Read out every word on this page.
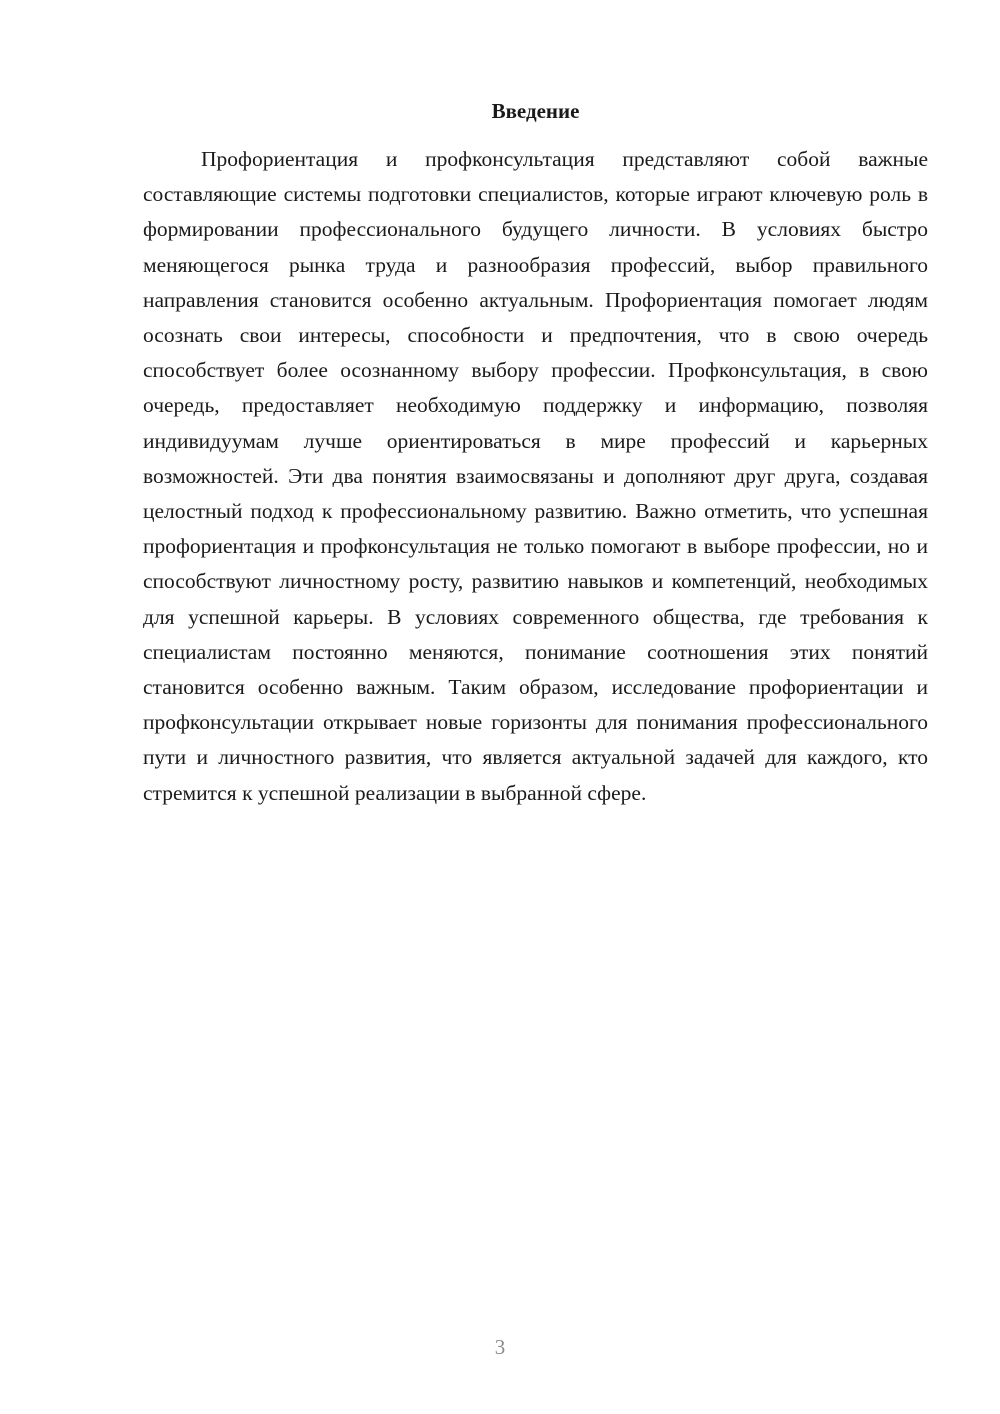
Введение

Профориентация и профконсультация представляют собой важные составляющие системы подготовки специалистов, которые играют ключевую роль в формировании профессионального будущего личности. В условиях быстро меняющегося рынка труда и разнообразия профессий, выбор правильного направления становится особенно актуальным. Профориентация помогает людям осознать свои интересы, способности и предпочтения, что в свою очередь способствует более осознанному выбору профессии. Профконсультация, в свою очередь, предоставляет необходимую поддержку и информацию, позволяя индивидуумам лучше ориентироваться в мире профессий и карьерных возможностей. Эти два понятия взаимосвязаны и дополняют друг друга, создавая целостный подход к профессиональному развитию. Важно отметить, что успешная профориентация и профконсультация не только помогают в выборе профессии, но и способствуют личностному росту, развитию навыков и компетенций, необходимых для успешной карьеры. В условиях современного общества, где требования к специалистам постоянно меняются, понимание соотношения этих понятий становится особенно важным. Таким образом, исследование профориентации и профконсультации открывает новые горизонты для понимания профессионального пути и личностного развития, что является актуальной задачей для каждого, кто стремится к успешной реализации в выбранной сфере.

3
